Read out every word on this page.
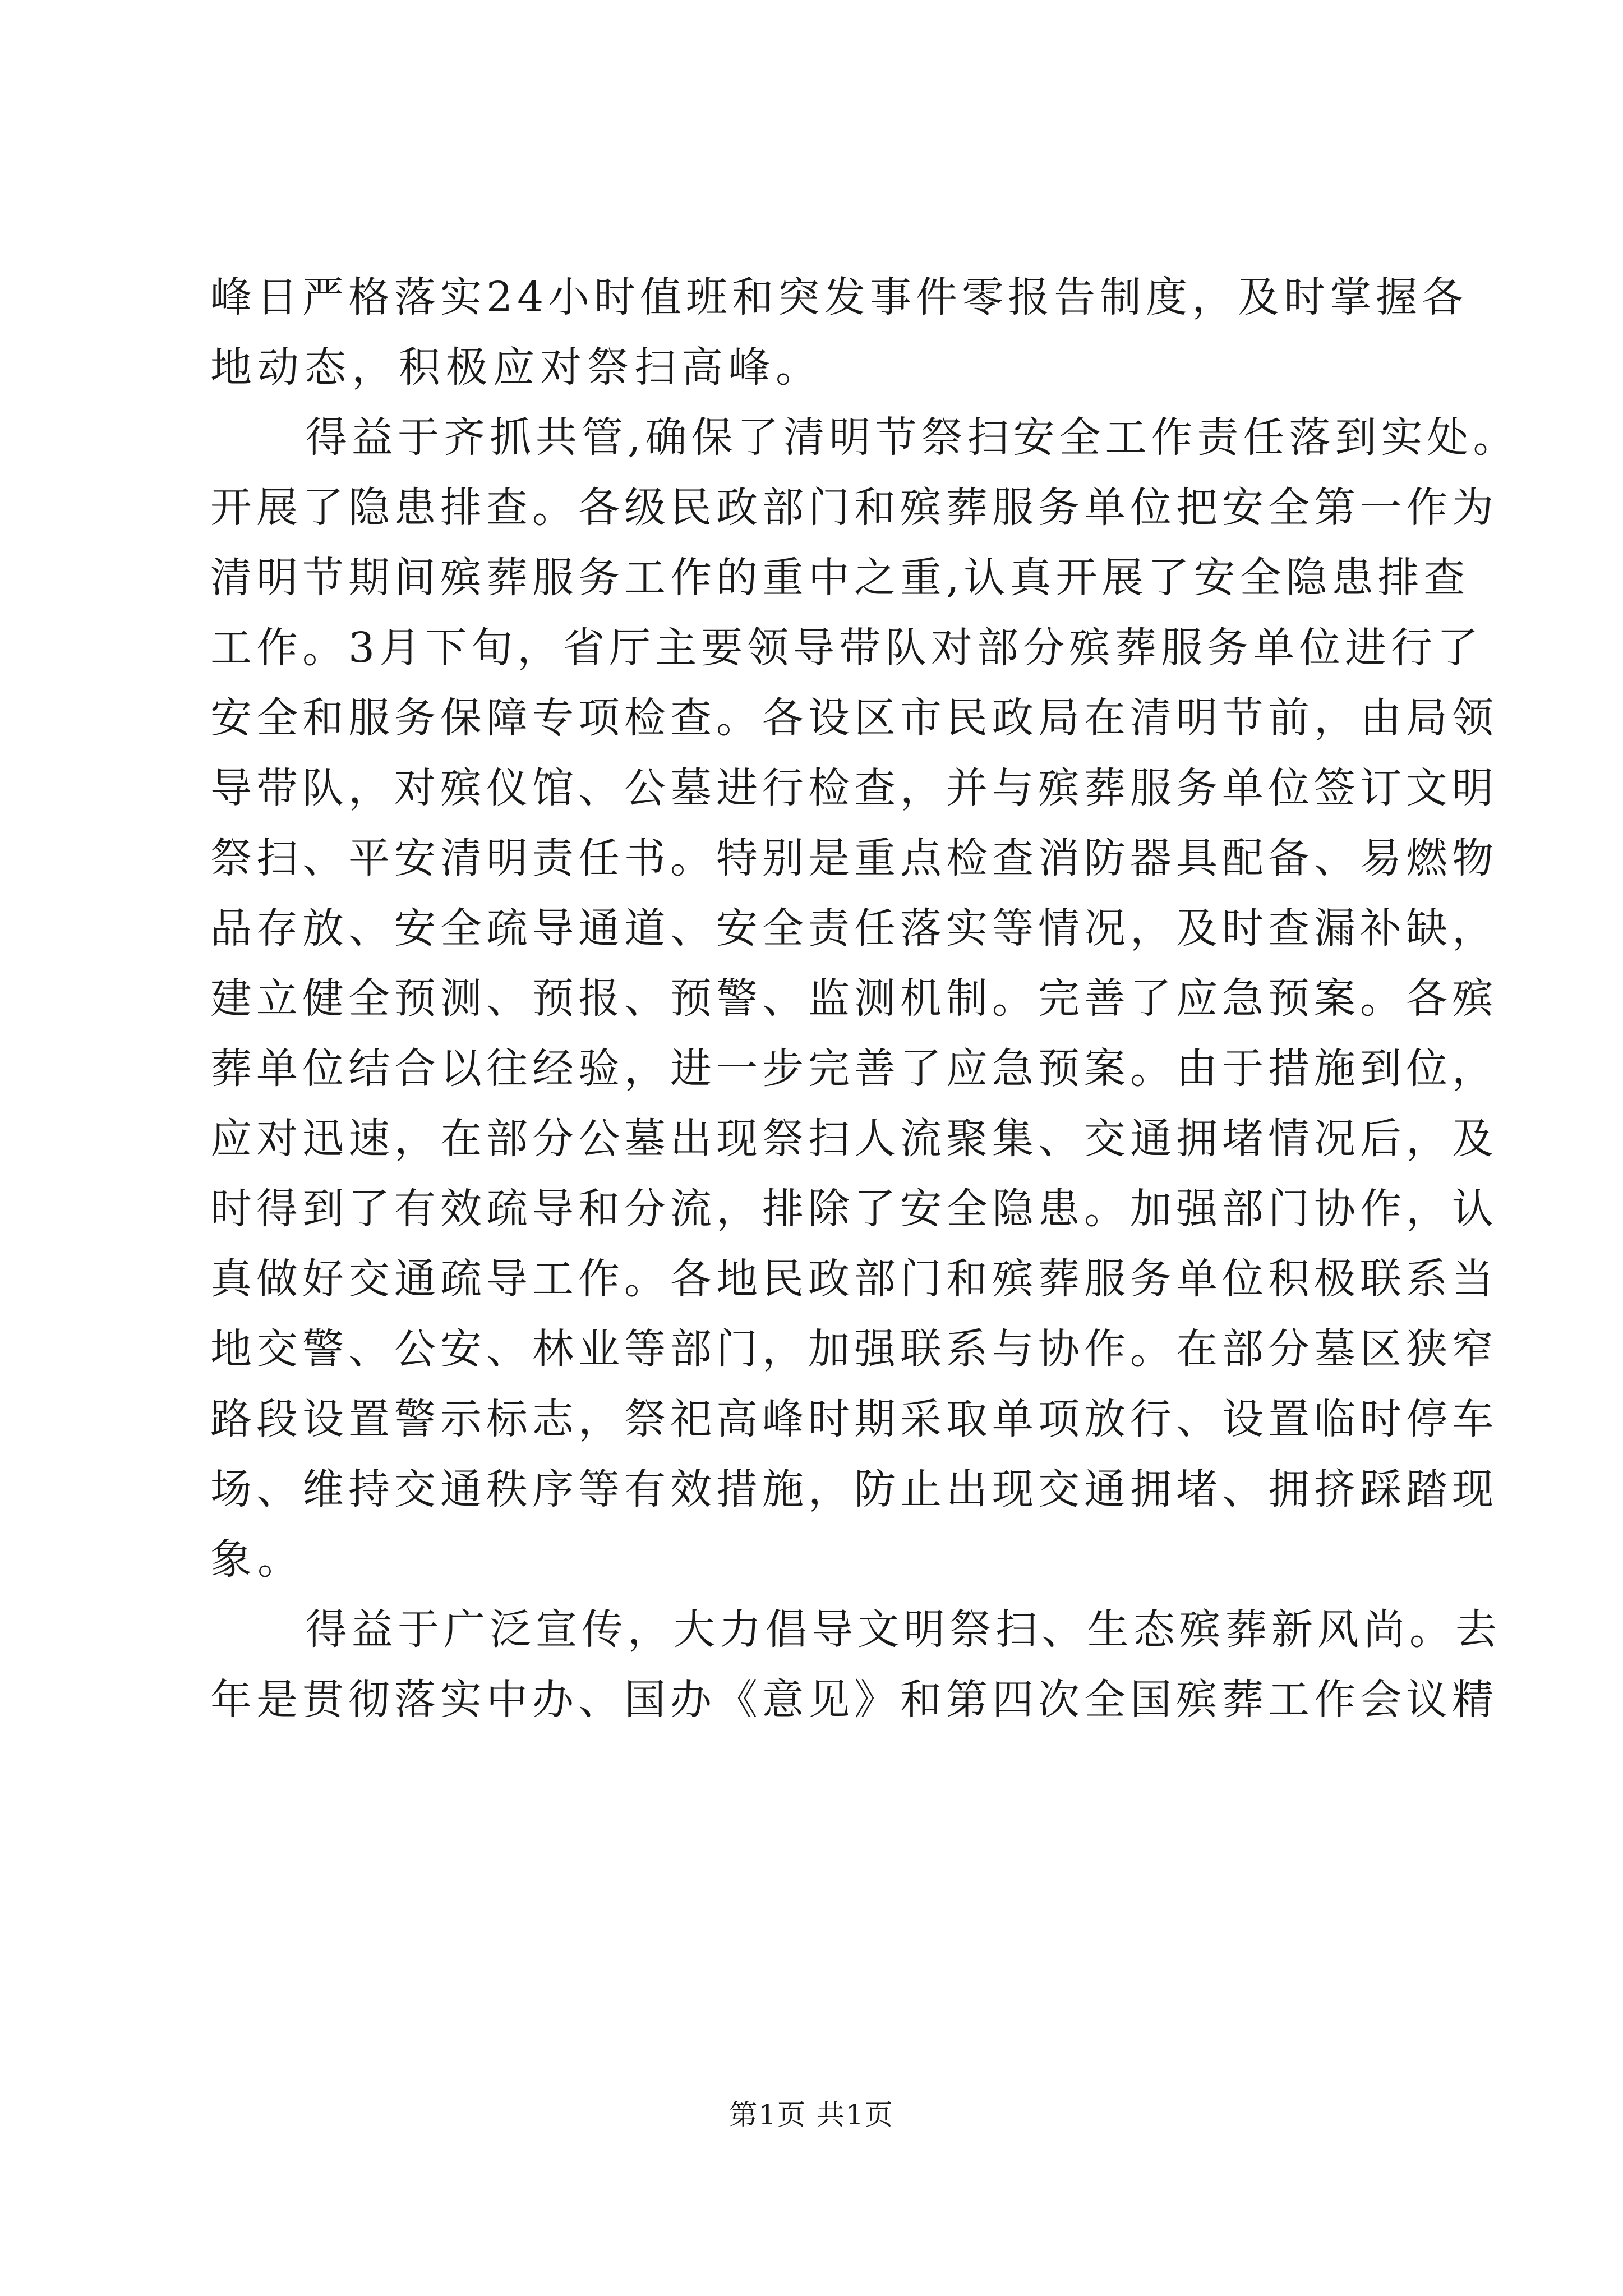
峰日严格落实24小时值班和突发事件零报告制度，及时掌握各
地动态，积极应对祭扫高峰。
得益于齐抓共管,确保了清明节祭扫安全工作责任落到实处。
开展了隐患排查。各级民政部门和殡葬服务单位把安全第一作为
清明节期间殡葬服务工作的重中之重,认真开展了安全隐患排查
工作。3月下旬，省厅主要领导带队对部分殡葬服务单位进行了
安全和服务保障专项检查。各设区市民政局在清明节前，由局领
导带队，对殡仪馆、公墓进行检查，并与殡葬服务单位签订文明
祭扫、平安清明责任书。特别是重点检查消防器具配备、易燃物
品存放、安全疏导通道、安全责任落实等情况，及时查漏补缺，
建立健全预测、预报、预警、监测机制。完善了应急预案。各殡
葬单位结合以往经验，进一步完善了应急预案。由于措施到位，
应对迅速，在部分公墓出现祭扫人流聚集、交通拥堵情况后，及
时得到了有效疏导和分流，排除了安全隐患。加强部门协作，认
真做好交通疏导工作。各地民政部门和殡葬服务单位积极联系当
地交警、公安、林业等部门，加强联系与协作。在部分墓区狭窄
路段设置警示标志，祭祀高峰时期采取单项放行、设置临时停车
场、维持交通秩序等有效措施，防止出现交通拥堵、拥挤踩踏现
象。
得益于广泛宣传，大力倡导文明祭扫、生态殡葬新风尚。去
年是贯彻落实中办、国办《意见》和第四次全国殡葬工作会议精
第1页 共1页
